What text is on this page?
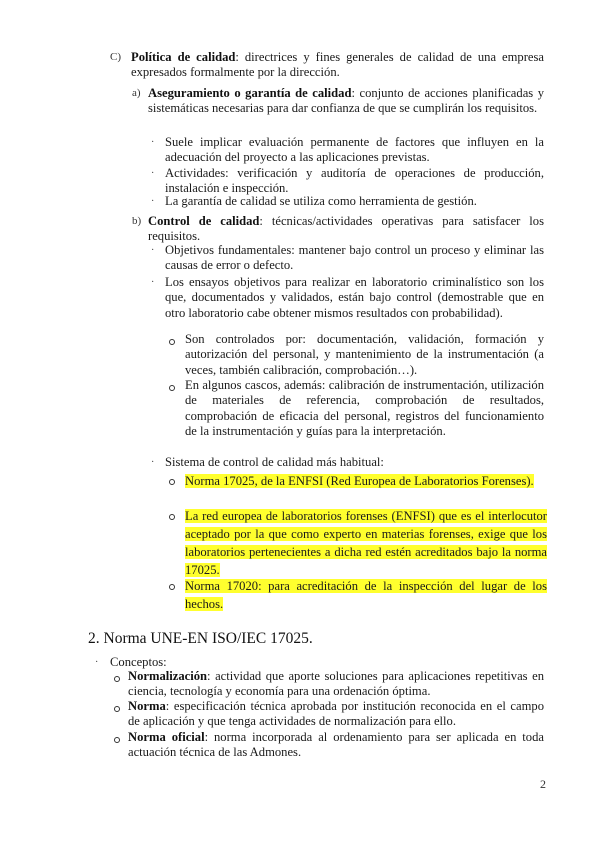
C) Política de calidad: directrices y fines generales de calidad de una empresa expresados formalmente por la dirección.

a) Aseguramiento o garantía de calidad: conjunto de acciones planificadas y sistemáticas necesarias para dar confianza de que se cumplirán los requisitos.

· Suele implicar evaluación permanente de factores que influyen en la adecuación del proyecto a las aplicaciones previstas.

· Actividades: verificación y auditoría de operaciones de producción, instalación e inspección.

· La garantía de calidad se utiliza como herramienta de gestión.

b) Control de calidad: técnicas/actividades operativas para satisfacer los requisitos.

· Objetivos fundamentales: mantener bajo control un proceso y eliminar las causas de error o defecto.

· Los ensayos objetivos para realizar en laboratorio criminalístico son los que, documentados y validados, están bajo control (demostrable que en otro laboratorio cabe obtener mismos resultados con probabilidad).

Son controlados por: documentación, validación, formación y autorización del personal, y mantenimiento de la instrumentación (a veces, también calibración, comprobación…).

En algunos cascos, además: calibración de instrumentación, utilización de materiales de referencia, comprobación de resultados, comprobación de eficacia del personal, registros del funcionamiento de la instrumentación y guías para la interpretación.

· Sistema de control de calidad más habitual:

Norma 17025, de la ENFSI (Red Europea de Laboratorios Forenses).

La red europea de laboratorios forenses (ENFSI) que es el interlocutor aceptado por la que como experto en materias forenses, exige que los laboratorios pertenecientes a dicha red estén acreditados bajo la norma 17025.

Norma 17020: para acreditación de la inspección del lugar de los hechos.

2. Norma UNE-EN ISO/IEC 17025.
· Conceptos:

Normalización: actividad que aporte soluciones para aplicaciones repetitivas en ciencia, tecnología y economía para una ordenación óptima.

Norma: especificación técnica aprobada por institución reconocida en el campo de aplicación y que tenga actividades de normalización para ello.

Norma oficial: norma incorporada al ordenamiento para ser aplicada en toda actuación técnica de las Admones.

2
